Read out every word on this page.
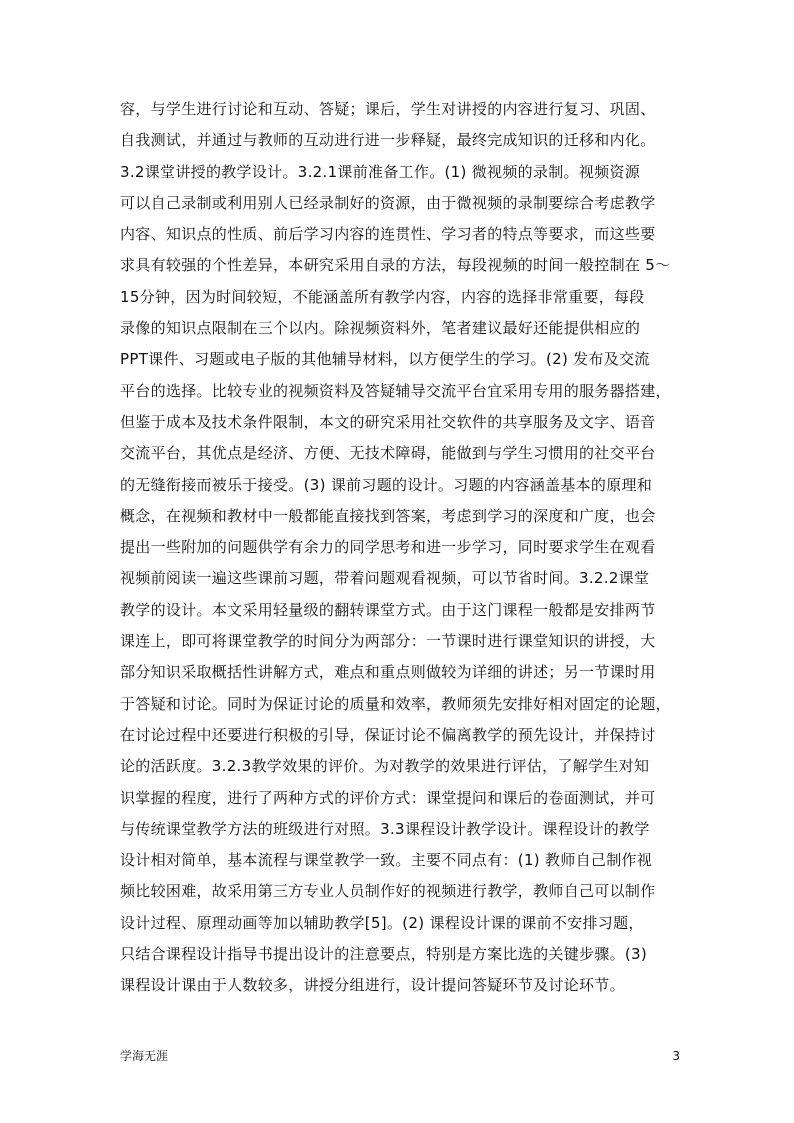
容，与学生进行讨论和互动、答疑；课后，学生对讲授的内容进行复习、巩固、
自我测试，并通过与教师的互动进行进一步释疑，最终完成知识的迁移和内化。
3.2课堂讲授的教学设计。3.2.1课前准备工作。(1) 微视频的录制。视频资源
可以自己录制或利用别人已经录制好的资源，由于微视频的录制要综合考虑教学
内容、知识点的性质、前后学习内容的连贯性、学习者的特点等要求，而这些要
求具有较强的个性差异，本研究采用自录的方法，每段视频的时间一般控制在 5～
15分钟，因为时间较短，不能涵盖所有教学内容，内容的选择非常重要，每段
录像的知识点限制在三个以内。除视频资料外，笔者建议最好还能提供相应的
PPT课件、习题或电子版的其他辅导材料，以方便学生的学习。(2) 发布及交流
平台的选择。比较专业的视频资料及答疑辅导交流平台宜采用专用的服务器搭建，
但鉴于成本及技术条件限制，本文的研究采用社交软件的共享服务及文字、语音
交流平台，其优点是经济、方便、无技术障碍，能做到与学生习惯用的社交平台
的无缝衔接而被乐于接受。(3) 课前习题的设计。习题的内容涵盖基本的原理和
概念，在视频和教材中一般都能直接找到答案，考虑到学习的深度和广度，也会
提出一些附加的问题供学有余力的同学思考和进一步学习，同时要求学生在观看
视频前阅读一遍这些课前习题，带着问题观看视频，可以节省时间。3.2.2课堂
教学的设计。本文采用轻量级的翻转课堂方式。由于这门课程一般都是安排两节
课连上，即可将课堂教学的时间分为两部分：一节课时进行课堂知识的讲授，大
部分知识采取概括性讲解方式，难点和重点则做较为详细的讲述；另一节课时用
于答疑和讨论。同时为保证讨论的质量和效率，教师须先安排好相对固定的论题，
在讨论过程中还要进行积极的引导，保证讨论不偏离教学的预先设计，并保持讨
论的活跃度。3.2.3教学效果的评价。为对教学的效果进行评估，了解学生对知
识掌握的程度，进行了两种方式的评价方式：课堂提问和课后的卷面测试，并可
与传统课堂教学方法的班级进行对照。3.3课程设计教学设计。课程设计的教学
设计相对简单，基本流程与课堂教学一致。主要不同点有：(1) 教师自己制作视
频比较困难，故采用第三方专业人员制作好的视频进行教学，教师自己可以制作
设计过程、原理动画等加以辅助教学[5]。(2) 课程设计课的课前不安排习题，
只结合课程设计指导书提出设计的注意要点，特别是方案比选的关键步骤。(3)
课程设计课由于人数较多，讲授分组进行，设计提问答疑环节及讨论环节。
学海无涯	3
